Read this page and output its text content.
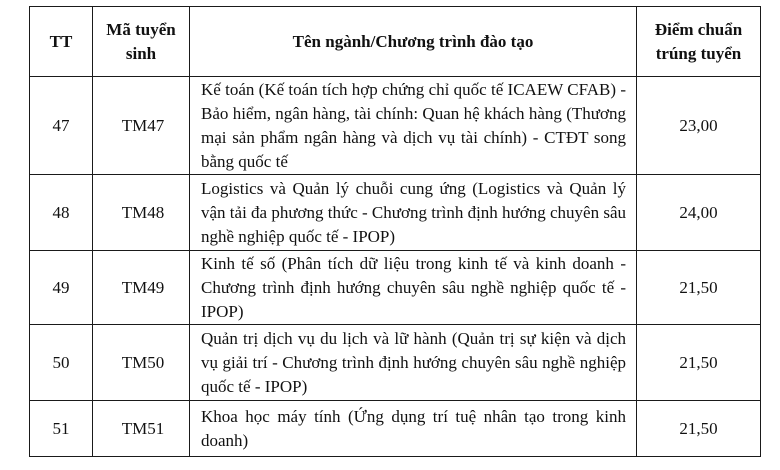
TT	Mã tuyển sinh	Tên ngành/Chương trình đào tạo	Điểm chuẩn trúng tuyển
47	TM47	Kế toán (Kế toán tích hợp chứng chỉ quốc tế ICAEW CFAB) - Bảo hiểm, ngân hàng, tài chính: Quan hệ khách hàng (Thương mại sản phẩm ngân hàng và dịch vụ tài chính) - CTĐT song bằng quốc tế	23,00
48	TM48	Logistics và Quản lý chuỗi cung ứng (Logistics và Quản lý vận tải đa phương thức - Chương trình định hướng chuyên sâu nghề nghiệp quốc tế - IPOP)	24,00
49	TM49	Kinh tế số (Phân tích dữ liệu trong kinh tế và kinh doanh - Chương trình định hướng chuyên sâu nghề nghiệp quốc tế - IPOP)	21,50
50	TM50	Quản trị dịch vụ du lịch và lữ hành (Quản trị sự kiện và dịch vụ giải trí - Chương trình định hướng chuyên sâu nghề nghiệp quốc tế - IPOP)	21,50
51	TM51	Khoa học máy tính (Ứng dụng trí tuệ nhân tạo trong kinh doanh)	21,50
